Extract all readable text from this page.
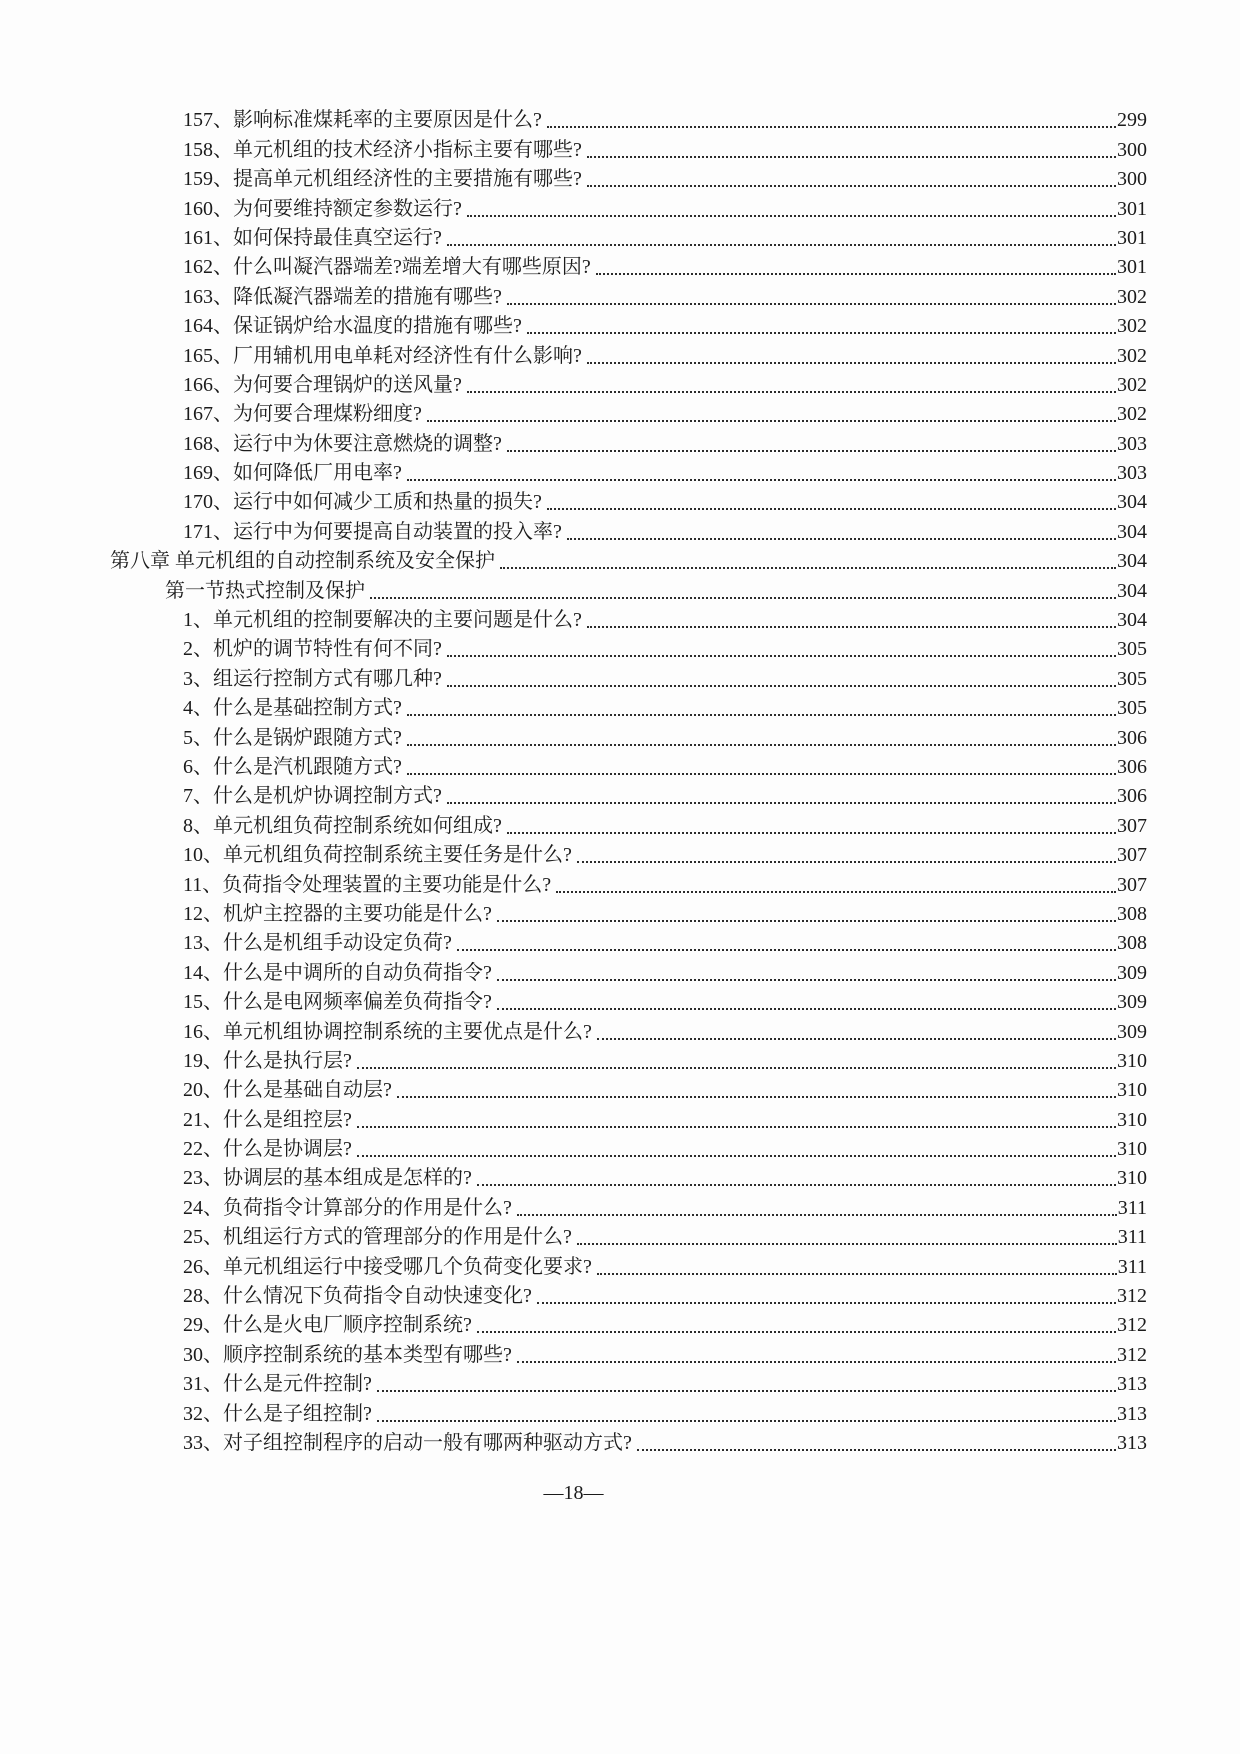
157、影响标准煤耗率的主要原因是什么?	299
158、单元机组的技术经济小指标主要有哪些?	300
159、提高单元机组经济性的主要措施有哪些?	300
160、为何要维持额定参数运行?	301
161、如何保持最佳真空运行?	301
162、什么叫凝汽器端差?端差增大有哪些原因?	301
163、降低凝汽器端差的措施有哪些?	302
164、保证锅炉给水温度的措施有哪些?	302
165、厂用辅机用电单耗对经济性有什么影响?	302
166、为何要合理锅炉的送风量?	302
167、为何要合理煤粉细度?	302
168、运行中为休要注意燃烧的调整?	303
169、如何降低厂用电率?	303
170、运行中如何减少工质和热量的损失?	304
171、运行中为何要提高自动装置的投入率?	304
第八章 单元机组的自动控制系统及安全保护	304
第一节热式控制及保护	304
1、单元机组的控制要解决的主要问题是什么?	304
2、机炉的调节特性有何不同?	305
3、组运行控制方式有哪几种?	305
4、什么是基础控制方式?	305
5、什么是锅炉跟随方式?	306
6、什么是汽机跟随方式?	306
7、什么是机炉协调控制方式?	306
8、单元机组负荷控制系统如何组成?	307
10、单元机组负荷控制系统主要任务是什么?	307
11、负荷指令处理装置的主要功能是什么?	307
12、机炉主控器的主要功能是什么?	308
13、什么是机组手动设定负荷?	308
14、什么是中调所的自动负荷指令?	309
15、什么是电网频率偏差负荷指令?	309
16、单元机组协调控制系统的主要优点是什么?	309
19、什么是执行层?	310
20、什么是基础自动层?	310
21、什么是组控层?	310
22、什么是协调层?	310
23、协调层的基本组成是怎样的?	310
24、负荷指令计算部分的作用是什么?	311
25、机组运行方式的管理部分的作用是什么?	311
26、单元机组运行中接受哪几个负荷变化要求?	311
28、什么情况下负荷指令自动快速变化?	312
29、什么是火电厂顺序控制系统?	312
30、顺序控制系统的基本类型有哪些?	312
31、什么是元件控制?	313
32、什么是子组控制?	313
33、对子组控制程序的启动一般有哪两种驱动方式?	313
—18—
